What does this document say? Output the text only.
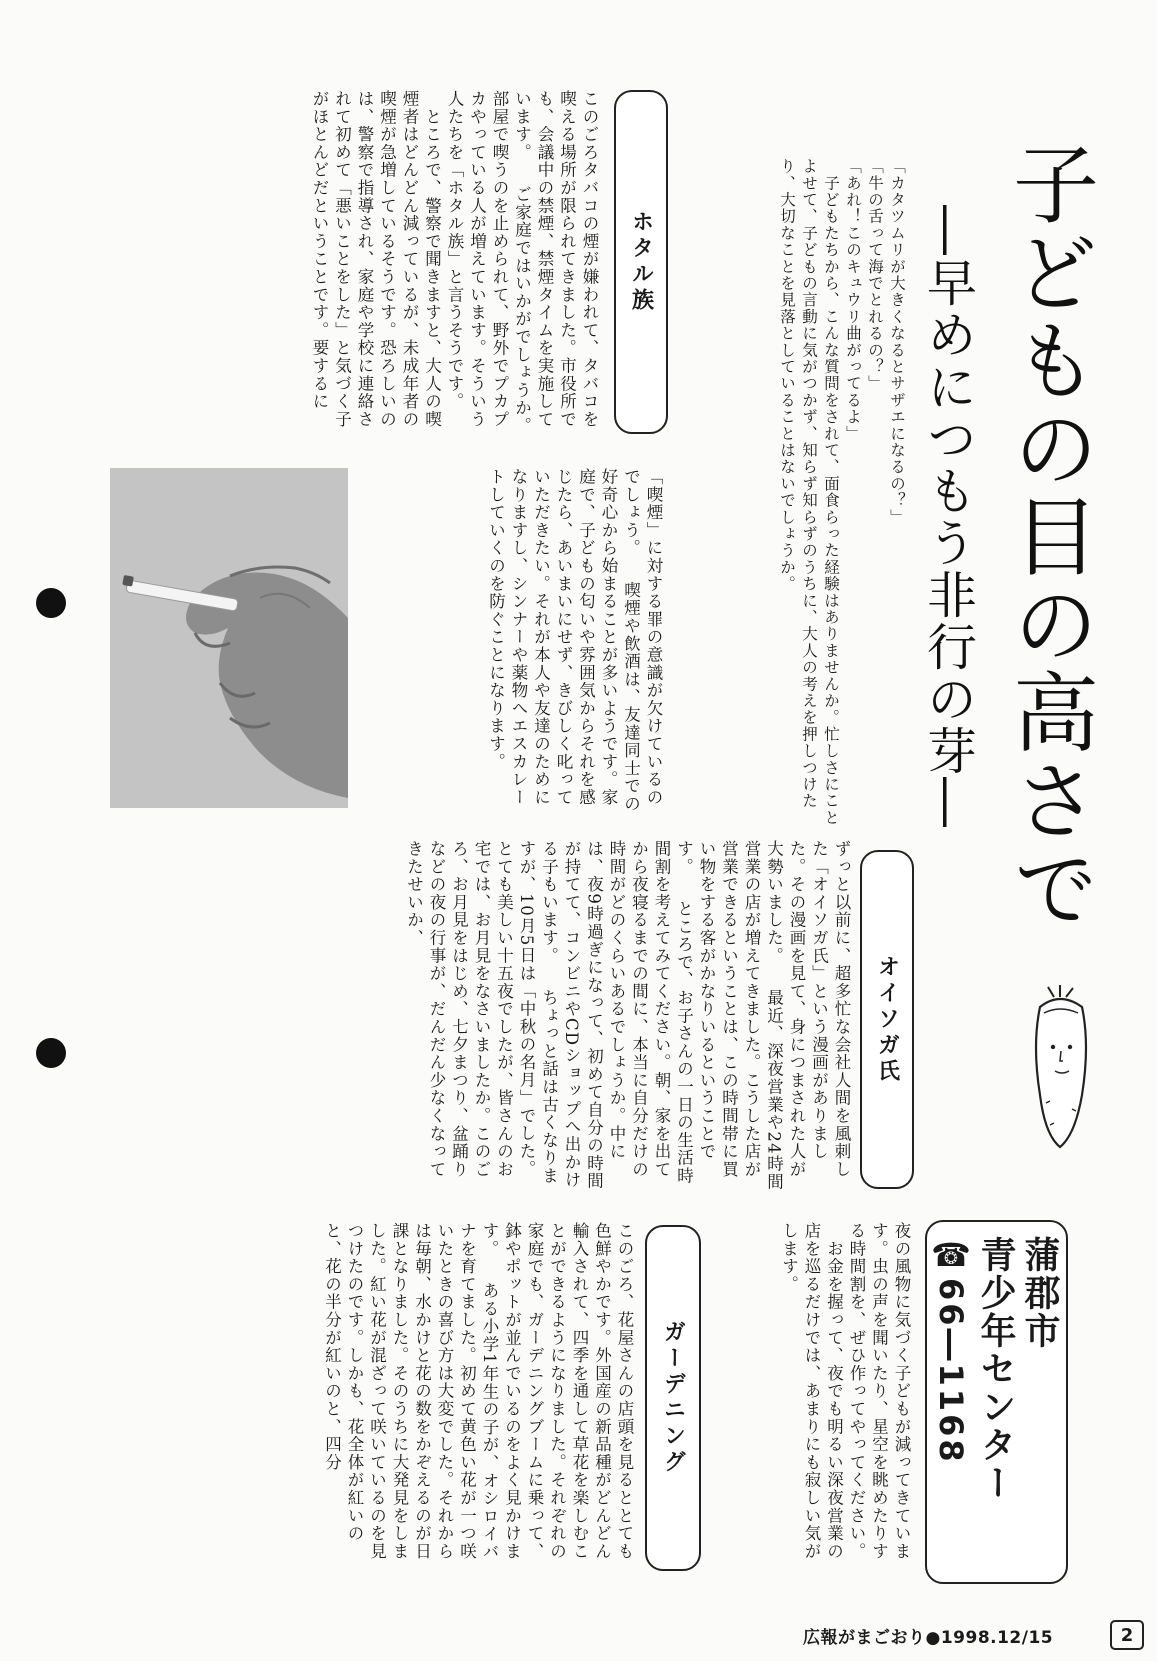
子どもの目の高さで
―早めにつもう非行の芽―

「カタツムリが大きくなるとサザエになるの？」

「牛の舌って海でとれるの？」

「あれ！このキュウリ曲がってるよ」

　子どもたちから、こんな質問をされて、面食らった経験はありませんか。忙しさにことよせて、子どもの言動に気がつかず、知らず知らずのうちに、大人の考えを押しつけたり、大切なことを見落としていることはないでしょうか。

ホタル族
このごろタバコの煙が嫌われて、タバコを喫える場所が限られてきました。市役所でも、会議中の禁煙、禁煙タイムを実施しています。 　ご家庭ではいかがでしょうか。部屋で喫うのを止められて、野外でプカプカやっている人が増えています。そういう人たちを「ホタル族」と言うそうです。 　ところで、警察で聞きますと、大人の喫煙者はどんどん減っているが、未成年者の喫煙が急増しているそうです。恐ろしいのは、警察で指導され、家庭や学校に連絡されて初めて「悪いことをした」と気づく子がほとんどだということです。要するに
「喫煙」に対する罪の意識が欠けているのでしょう。 　喫煙や飲酒は、友達同士での好奇心から始まることが多いようです。家庭で、子どもの匂いや雰囲気からそれを感じたら、あいまいにせず、きびしく叱っていただきたい。それが本人や友達のためになりますし、シンナーや薬物へエスカレートしていくのを防ぐことになります。
オイソガ氏
ずっと以前に、超多忙な会社人間を風刺した「オイソガ氏」という漫画がありました。その漫画を見て、身につまされた人が大勢いました。 　最近、深夜営業や24時間営業の店が増えてきました。こうした店が営業できるということは、この時間帯に買い物をする客がかなりいるということです。 　ところで、お子さんの一日の生活時間割を考えてみてください。朝、家を出てから夜寝るまでの間に、本当に自分だけの時間がどのくらいあるでしょうか。中には、夜9時過ぎになって、初めて自分の時間が持てて、コンビニやCDショップへ出かける子もいます。 　ちょっと話は古くなりますが、10月5日は「中秋の名月」でした。とても美しい十五夜でしたが、皆さんのお宅では、お月見をなさいましたか。このごろ、お月見をはじめ、七夕まつり、盆踊りなどの夜の行事が、だんだん少なくなってきたせいか、
夜の風物に気づく子どもが減ってきています。虫の声を聞いたり、星空を眺めたりする時間割を、ぜひ作ってやってください。 　お金を握って、夜でも明るい深夜営業の店を巡るだけでは、あまりにも寂しい気がします。
ガーデニング
このごろ、花屋さんの店頭を見るととても色鮮やかです。外国産の新品種がどんどん輸入されて、四季を通して草花を楽しむことができるようになりました。それぞれの家庭でも、ガーデニングブームに乗って、鉢やポットが並んでいるのをよく見かけます。 　ある小学1年生の子が、オシロイバナを育てました。初めて黄色い花が一つ咲いたときの喜び方は大変でした。それからは毎朝、水かけと花の数をかぞえるのが日課となりました。そのうちに大発見をしました。紅い花が混ざって咲いているのを見つけたのです。しかも、花全体が紅いのと、花の半分が紅いのと、四分	蒲郡市
青少年センター
☎
66―1168
広報がまごおり●1998.12/15	2
